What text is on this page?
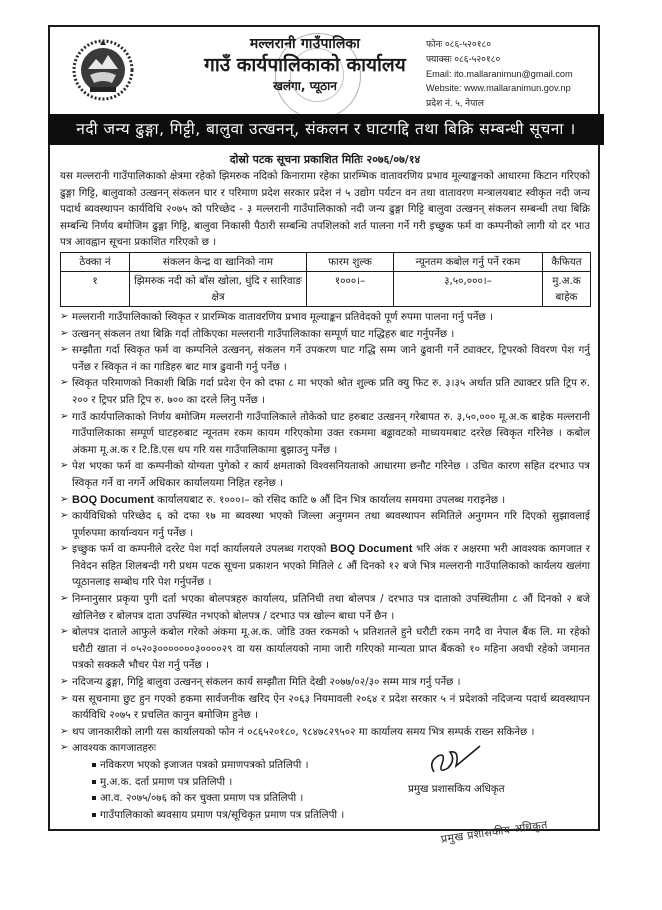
मल्लरानी गाउँपालिका
गाउँ कार्यपालिकाको कार्यालय
खलंगा, प्यूठान
फोनः ०८६-५२०१८०
फ्याक्सः ०८६-५२०१८०
Email: ito.mallaranimun@gmail.com
Website: www.mallaranimun.gov.np
प्रदेश नं. ५, नेपाल
नदी जन्य ढुङ्गा, गिट्टी, बालुवा उत्खनन्, संकलन र घाटगद्दि तथा बिक्रि सम्बन्धी सूचना ।
दोस्रो पटक सूचना प्रकाशित मितिः २०७६/०७/१४
यस मल्लरानी गाउँपालिकाको क्षेत्रमा रहेको झिमरुक नदिको किनारामा रहेका प्रारम्भिक वातावरणिय प्रभाव मूल्याङ्कनको आधारमा किटान गरिएको ढुङ्गा गिट्टि, बालुवाको उत्खनन् संकलन घार र परिमाण प्रदेश सरकार प्रदेश नं ५ उद्योग पर्यटन वन तथा वातावरण मन्त्रालयबाट स्वीकृत नदी जन्य पदार्थ ब्यवस्थापन कार्यविधि २०७५ को परिच्छेद - ३ मल्लरानी गाउँपालिकाको नदी जन्य ढुङ्गा गिट्टि बालुवा उत्खनन् संकलन सम्बन्धी तथा बिक्रि सम्बन्धि निर्णय बमोजिम ढुङ्गा गिट्टि, बालुवा निकासी पैठारी सम्बन्धि तपशिलको शर्त पालना गर्ने गरी इच्छुक फर्म वा कम्पनीको लागी यो दर भाउ पत्र आवह्वान सूचना प्रकाशित गरिएको छ ।
ठेक्का नं	संकलन केन्द्र वा खानिको नाम	फारम शुल्क	न्यूनतम कबोल गर्नु पर्ने रकम	कैफियत
१	झिमरुक नदी को बाँस खोला, धुंदि र सारिवाङ क्षेत्र	१०००।–	३,५०,०००।–	मु.अ.क बाहेक
➢ मल्लरानी गाउँपालिकाको स्विकृत र प्रारम्भिक वातावरणिय प्रभाव मूल्याङ्कन प्रतिवेदको पूर्ण रुपमा पालना गर्नु पर्नेछ ।
➢ उत्खनन् संकलन तथा बिक्रि गर्दा तोकिएका मल्लरानी गाउँपालिकाका सम्पूर्ण घाट गद्धिहरु बाट गर्नुपर्नेछ ।
➢ सम्झौता गर्दा स्विकृत फर्म वा कम्पनिले उत्खनन्, संकलन गर्ने उपकरण घाट गद्धि सम्म जाने ढुवानी गर्ने ट्याक्टर, ट्रिपरको विवरण पेश गर्नु पर्नेछ र स्विकृत नं का गाडिहरु बाट मात्र ढुवानी गर्नु पर्नेछ ।
➢ स्विकृत परिमाणको निकाशी बिक्रि गर्दा प्रदेश ऐन को दफा ८ मा भएको श्रोत शुल्क प्रति क्यु फिट रु. ३।३५ अर्थात प्रति ट्याक्टर प्रति ट्रिप रु. २०० र ट्रिपर प्रति ट्रिप रु. ७०० का दरले लिनु पर्नेछ ।
➢ गाउँ कार्यपालिकाको निर्णय बमोजिम मल्लरानी गाउँपालिकाले तोकेको घाट हरुबाट उत्खनन् गरेबापत रु. ३,५०,००० मू.अ.क बाहेक मल्लरानी गाउँपालिकाका सम्पूर्ण घाटहरुबाट न्यूनतम रकम कायम गरिएकोमा उक्त रकममा बढ्ढावटको माध्ययमबाट दररेछ स्विकृत गरिनेछ । कबोल अंकमा मू.अ.क र टि.डि.एस थप गरि यस गाउँपालिकामा बुझाउनु पर्नेछ ।
➢ पेश भएका फर्म वा कम्पनीको योग्यता पुगेको र कार्य क्षमताको विश्वसनियताको आधारमा छनौट गरिनेछ । उचित कारण सहित दरभाउ पत्र स्विकृत गर्ने वा नगर्ने अधिकार कार्यालयमा निहित रहनेछ ।
➢ BOQ Document कार्यालयबाट रु. १०००।– को रसिद काटि ७ औं दिन भित्र कार्यालय समयमा उपलब्ध गराइनेछ ।
➢ कार्यविधिको परिच्छेद ६ को दफा १७ मा ब्यवस्था भएको जिल्ला अनुगमन तथा ब्यवस्थापन समितिले अनुगमन गरि दिएको सुझावलाई पूर्णरुपमा कार्यान्वयन गर्नु पर्नेछ ।
➢ इच्छुक फर्म वा कम्पनीले दररेट पेश गर्दा कार्यालयले उपलब्ध गराएको BOQ Document भरि अंक र अक्षरमा भरी आवश्यक कागजात र निवेदन सहित शिलबन्दी गरी प्रथम पटक सूचना प्रकाशन भएको मितिले ८ औं दिनको १२ बजे भित्र मल्लरानी गाउँपालिकाको कार्यलय खलंगा प्यूठानलाइ सम्बोध गरि पेश गर्नुपर्नेछ ।
➢ निम्नानुसार प्रकृया पुगी दर्ता भएका बोलपत्रहरु कार्यालय, प्रतिनिधी तथा बोलपत्र / दरभाउ पत्र दाताको उपस्थितीमा ८ औं दिनको २ बजे खोलिनेछ र बोलपत्र दाता उपस्थित नभएको बोलपत्र / दरभाउ पत्र खोल्न बाधा पर्ने छैन ।
➢ बोलपत्र दाताले आफुले कबोल गरेको अंकमा मू.अ.क. जोडि उक्त रकमको ५ प्रतिशतले हुने धरौटी रकम नगदै वा नेपाल बैंक लि. मा रहेको धरौटी खाता नं ०५२०३०००००००३००००२९ वा यस कार्यालयको नामा जारी गरिएको मान्यता प्राप्त बैंकको १० महिना अवधी रहेको जमानत पत्रको सक्कलै भौचर पेश गर्नु पर्नेछ ।
➢ नदिजन्य ढुङ्गा, गिट्टि बालुवा उत्खनन् संकलन कार्य सम्झौता मिति देखी २०७७/०२/३० सम्म मात्र गर्नु पर्नेछ ।
➢ यस सूचनामा छुट हुन गएको हकमा सार्वजनीक खरिद ऐन २०६३ नियमावली २०६४ र प्रदेश सरकार ५ नं प्रदेशको नदिजन्य पदार्थ ब्यवस्थापन कार्यविधि २०७५ र प्रचलित कानुन बमोजिम हुनेछ ।
➢ थप जानकारीको लागी यस कार्यालयको फोन नं ०८६५२०१८०, ९८४७८२९५०२ मा कार्यालय समय भित्र सम्पर्क राख्न सकिनेछ ।
➢ आवश्यक कागजातहरुः
नविकरण भएको इजाजत पत्रको प्रमाणपत्रको प्रतिलिपी ।
मु.अ.क. दर्ता प्रमाण पत्र प्रतिलिपी ।
आ.व. २०७५/०७६ को कर चुक्ता प्रमाण पत्र प्रतिलिपी ।
गाउँपालिकाको ब्यवसाय प्रमाण पत्र/सूचिकृत प्रमाण पत्र प्रतिलिपी ।
प्रमुख प्रशासकिय अधिकृत
प्रमुख प्रशासकीय अधिकृत
